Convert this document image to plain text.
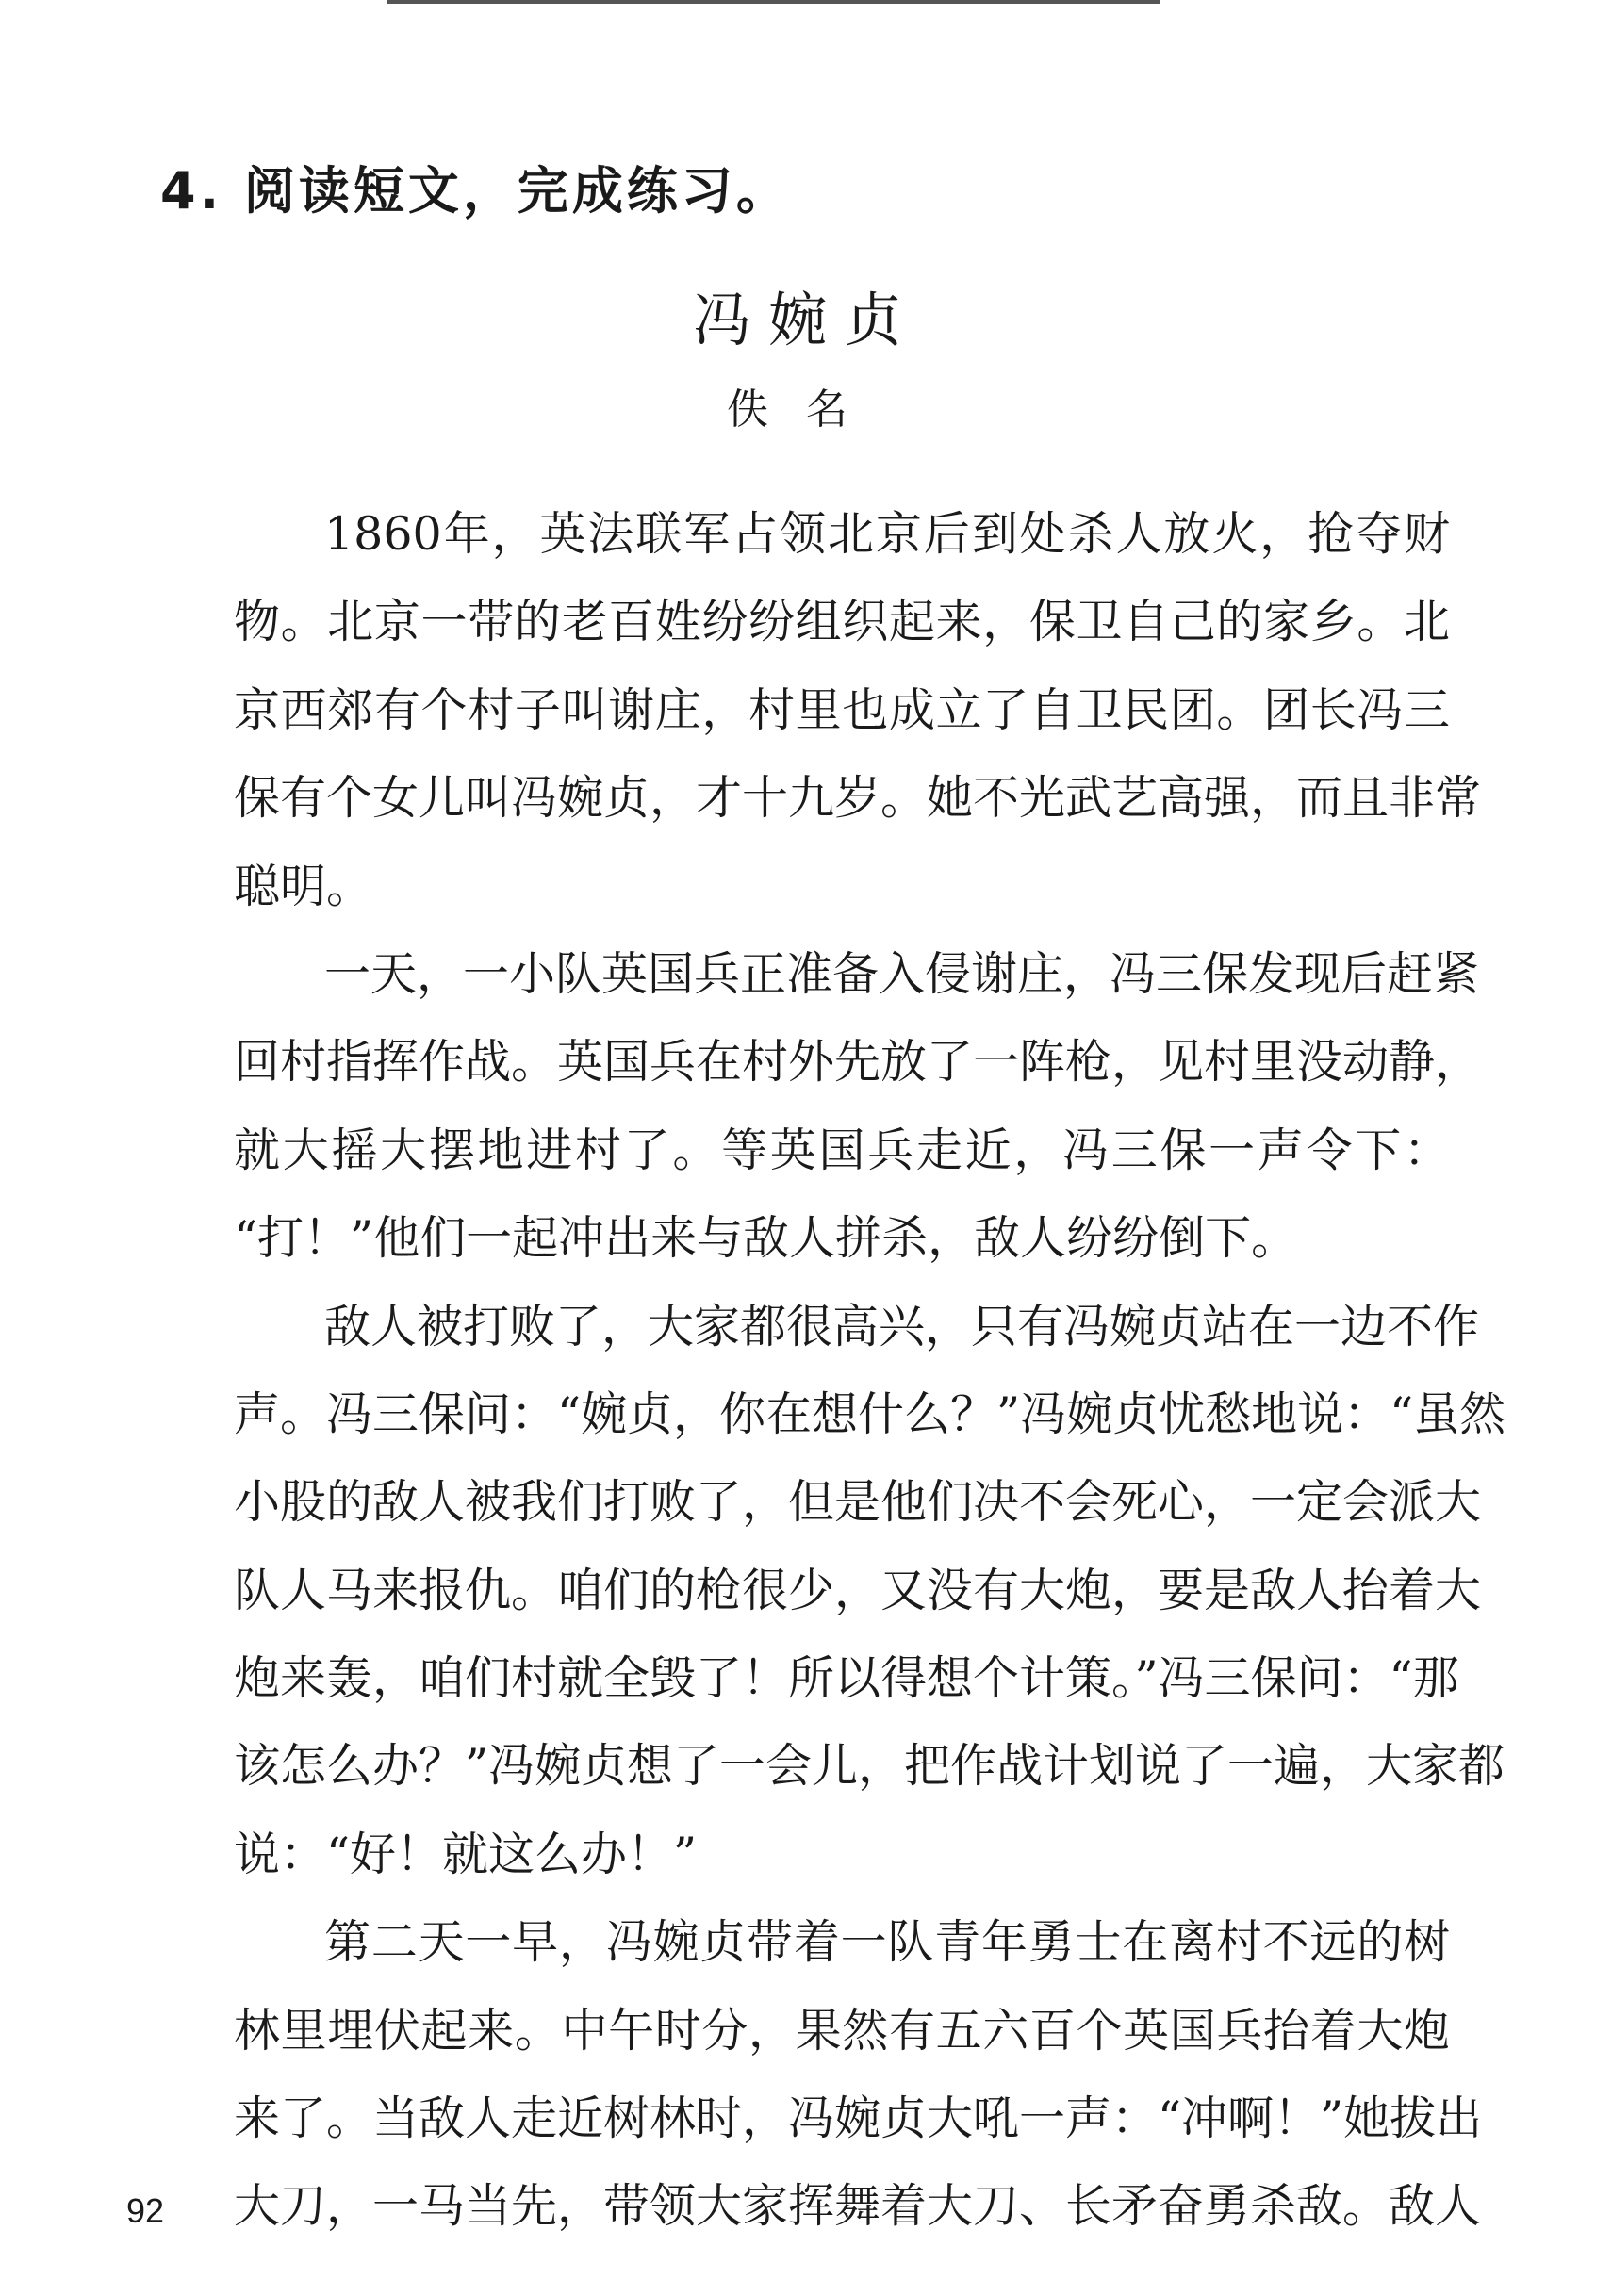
4. 阅读短文，完成练习。
冯婉贞
佚名
1860年，英法联军占领北京后到处杀人放火，抢夺财
物。北京一带的老百姓纷纷组织起来，保卫自己的家乡。北
京西郊有个村子叫谢庄，村里也成立了自卫民团。团长冯三
保有个女儿叫冯婉贞，才十九岁。她不光武艺高强，而且非常
聪明。
一天，一小队英国兵正准备入侵谢庄，冯三保发现后赶紧
回村指挥作战。英国兵在村外先放了一阵枪，见村里没动静，
就大摇大摆地进村了。等英国兵走近，冯三保一声令下：
“打！”他们一起冲出来与敌人拼杀，敌人纷纷倒下。
敌人被打败了，大家都很高兴，只有冯婉贞站在一边不作
声。冯三保问：“婉贞，你在想什么？”冯婉贞忧愁地说：“虽然
小股的敌人被我们打败了，但是他们决不会死心，一定会派大
队人马来报仇。咱们的枪很少，又没有大炮，要是敌人抬着大
炮来轰，咱们村就全毁了！所以得想个计策。”冯三保问：“那
该怎么办？”冯婉贞想了一会儿，把作战计划说了一遍，大家都
说：“好！就这么办！”
第二天一早，冯婉贞带着一队青年勇士在离村不远的树
林里埋伏起来。中午时分，果然有五六百个英国兵抬着大炮
来了。当敌人走近树林时，冯婉贞大吼一声：“冲啊！”她拔出
大刀，一马当先，带领大家挥舞着大刀、长矛奋勇杀敌。敌人
92
